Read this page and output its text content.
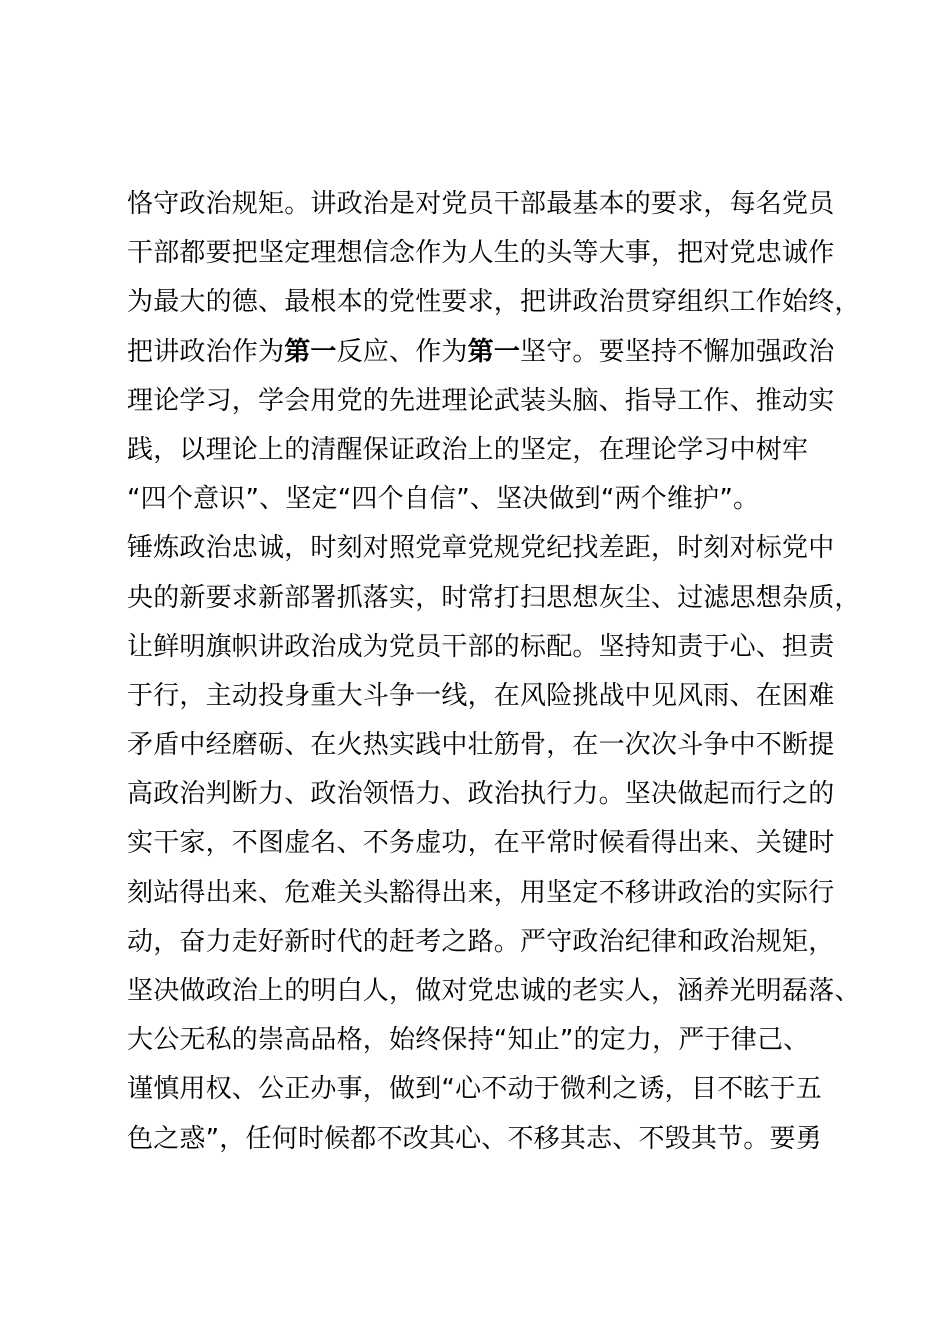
恪守政治规矩。讲政治是对党员干部最基本的要求，每名党员
干部都要把坚定理想信念作为人生的头等大事，把对党忠诚作
为最大的德、最根本的党性要求，把讲政治贯穿组织工作始终，
把讲政治作为第一反应、作为第一坚守。要坚持不懈加强政治
理论学习，学会用党的先进理论武装头脑、指导工作、推动实
践，以理论上的清醒保证政治上的坚定，在理论学习中树牢
“四个意识”、坚定“四个自信”、坚决做到“两个维护”。
锤炼政治忠诚，时刻对照党章党规党纪找差距，时刻对标党中
央的新要求新部署抓落实，时常打扫思想灰尘、过滤思想杂质，
让鲜明旗帜讲政治成为党员干部的标配。坚持知责于心、担责
于行，主动投身重大斗争一线，在风险挑战中见风雨、在困难
矛盾中经磨砺、在火热实践中壮筋骨，在一次次斗争中不断提
高政治判断力、政治领悟力、政治执行力。坚决做起而行之的
实干家，不图虚名、不务虚功，在平常时候看得出来、关键时
刻站得出来、危难关头豁得出来，用坚定不移讲政治的实际行
动，奋力走好新时代的赶考之路。严守政治纪律和政治规矩，
坚决做政治上的明白人，做对党忠诚的老实人，涵养光明磊落、
大公无私的崇高品格，始终保持“知止”的定力，严于律己、
谨慎用权、公正办事，做到“心不动于微利之诱，目不眩于五
色之惑”，任何时候都不改其心、不移其志、不毁其节。要勇
